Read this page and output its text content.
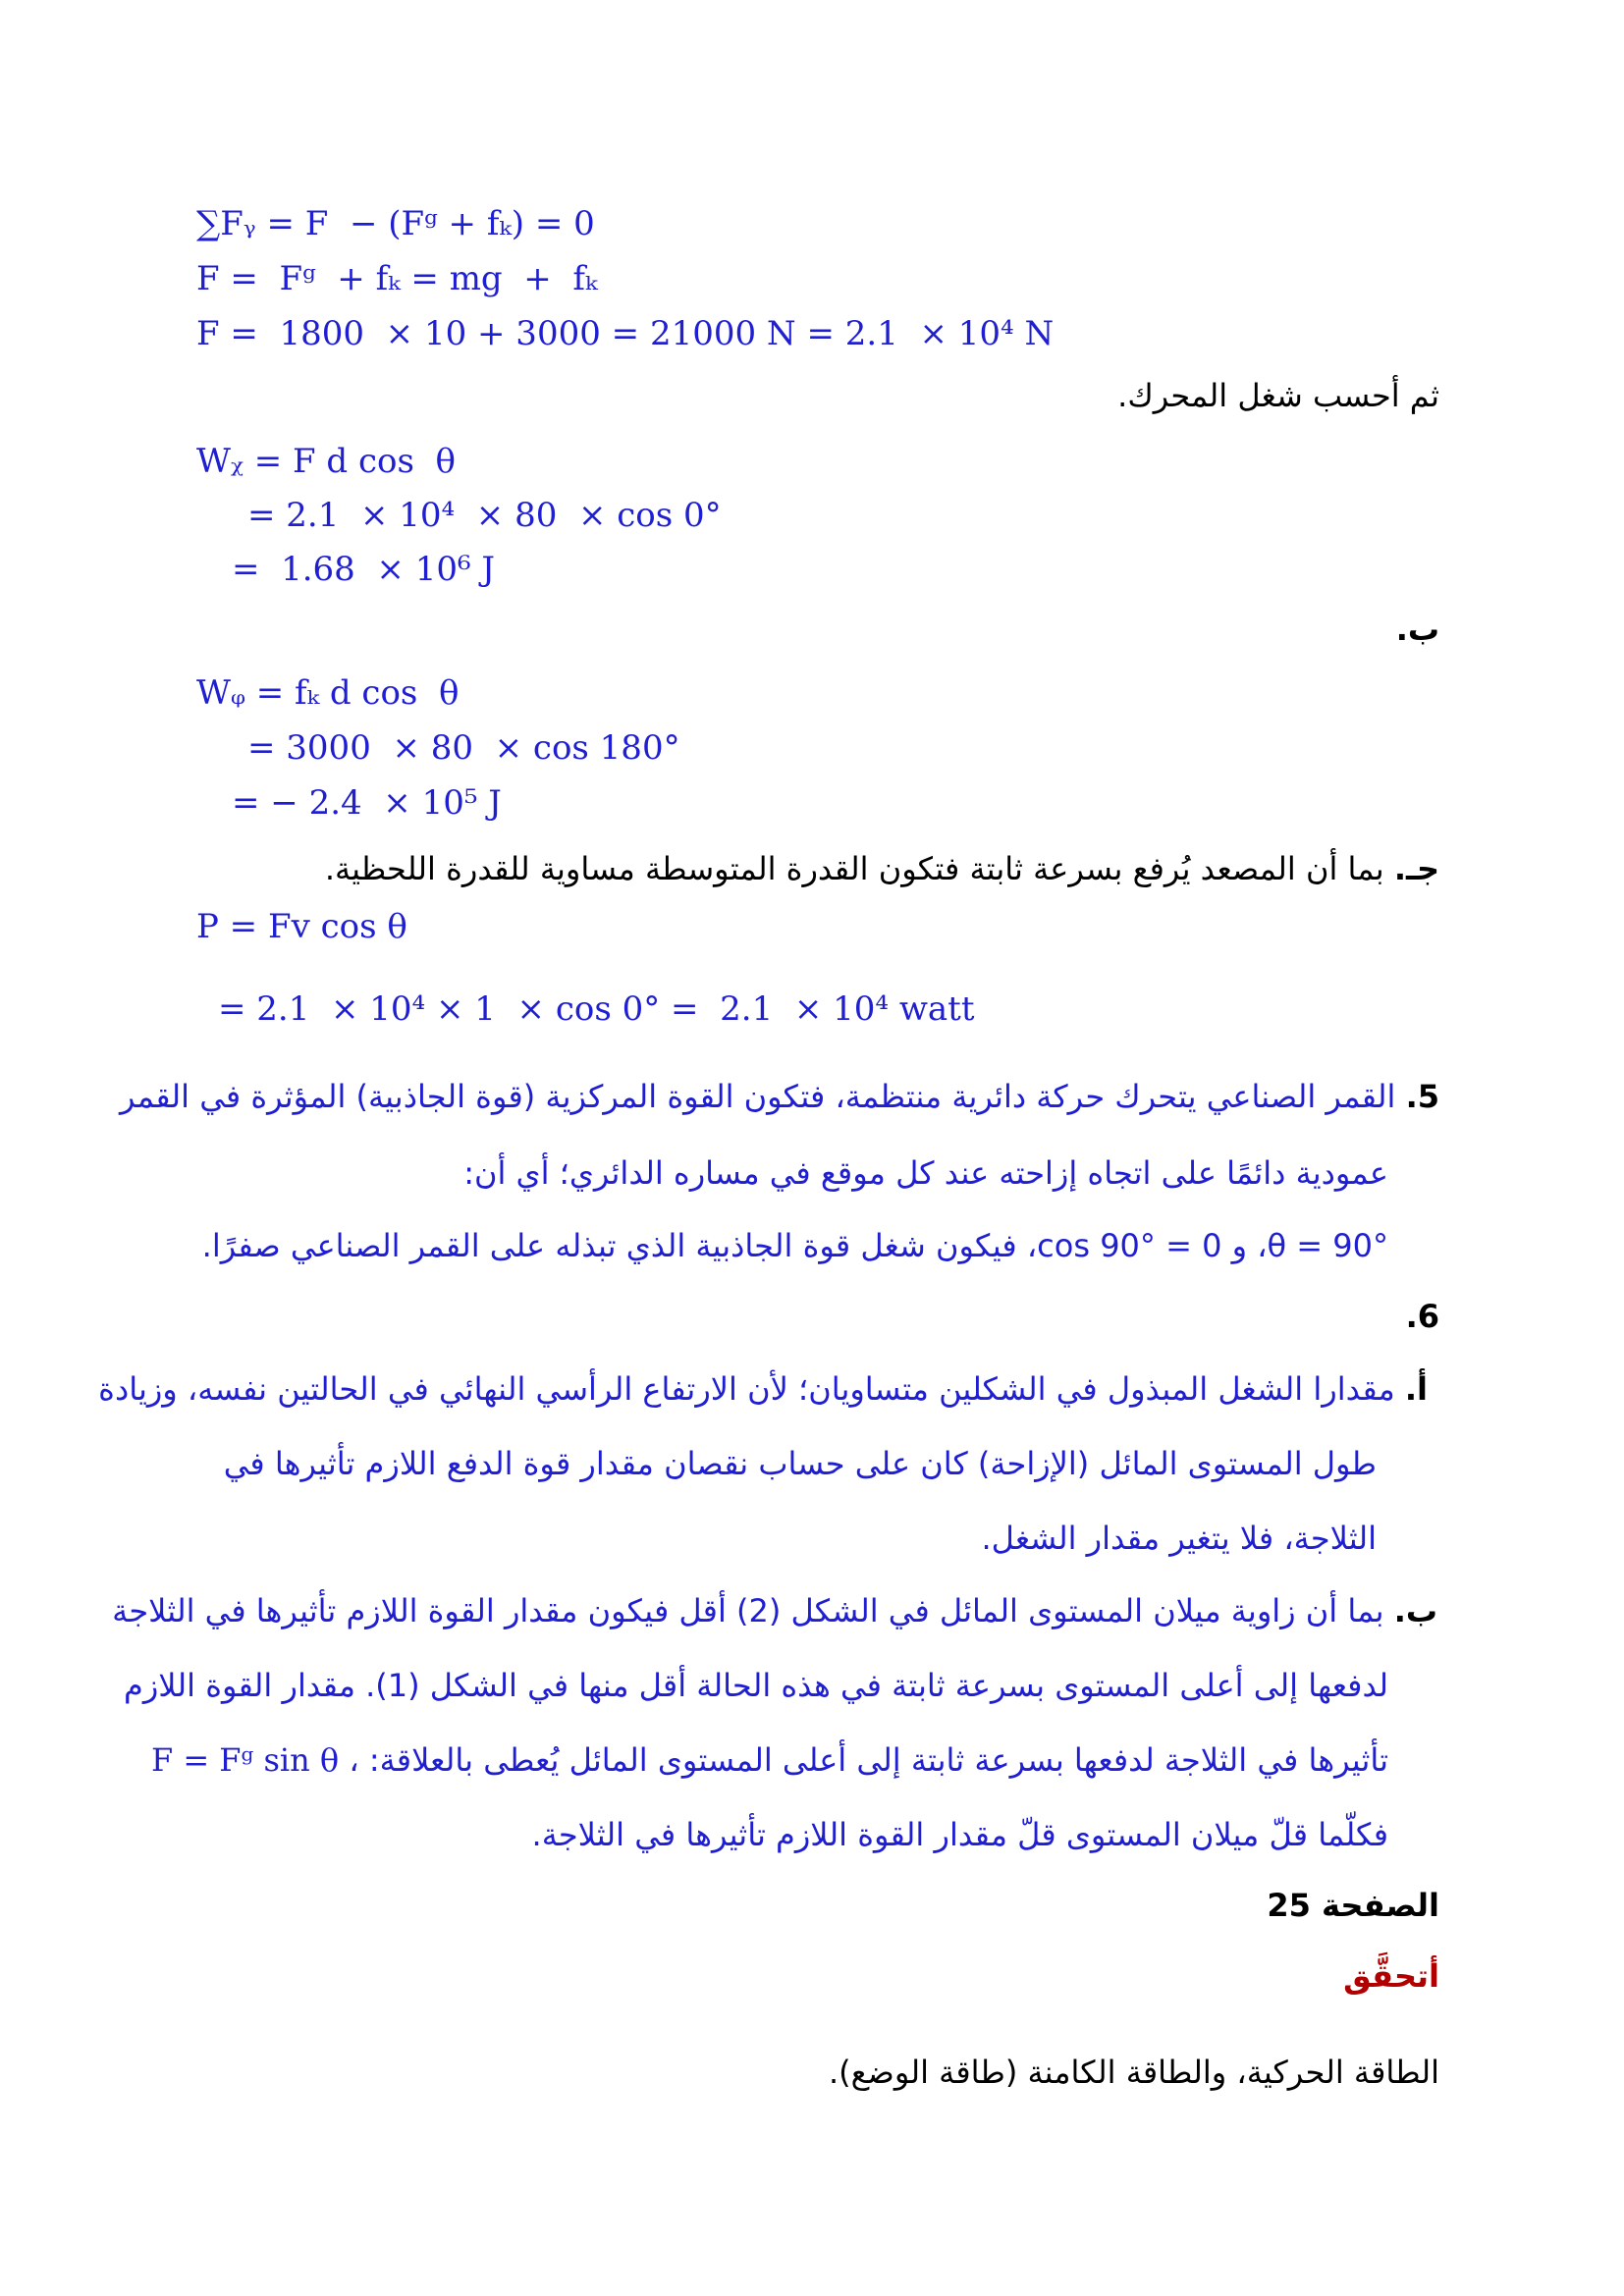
∑Fᵧ = F  − (Fᵍ + fₖ) = 0
F =  Fᵍ  + fₖ = mg  +  fₖ
F =  1800  × 10 + 3000 = 21000 N = 2.1  × 10⁴ N
ثم أحسب شغل المحرك.
Wᵪ = F d cos  θ
= 2.1  × 10⁴  × 80  × cos 0°
=  1.68  × 10⁶ J
ب.
Wᵩ = fₖ d cos  θ
= 3000  × 80  × cos 180°
= − 2.4  × 10⁵ J
جـ. بما أن المصعد يُرفع بسرعة ثابتة فتكون القدرة المتوسطة مساوية للقدرة اللحظية.
P = Fv cos θ
= 2.1  × 10⁴ × 1  × cos 0° =  2.1  × 10⁴ watt
5. القمر الصناعي يتحرك حركة دائرية منتظمة، فتكون القوة المركزية (قوة الجاذبية) المؤثرة في القمر
عمودية دائمًا على اتجاه إزاحته عند كل موقع في مساره الدائري؛ أي أن:
θ = 90°، و cos 90° = 0، فيكون شغل قوة الجاذبية الذي تبذله على القمر الصناعي صفرًا.
6.
أ. مقدارا الشغل المبذول في الشكلين متساويان؛ لأن الارتفاع الرأسي النهائي في الحالتين نفسه، وزيادة
طول المستوى المائل (الإزاحة) كان على حساب نقصان مقدار قوة الدفع اللازم تأثيرها في
الثلاجة، فلا يتغير مقدار الشغل.
ب. بما أن زاوية ميلان المستوى المائل في الشكل (2) أقل فيكون مقدار القوة اللازم تأثيرها في الثلاجة
لدفعها إلى أعلى المستوى بسرعة ثابتة في هذه الحالة أقل منها في الشكل (1). مقدار القوة اللازم
تأثيرها في الثلاجة لدفعها بسرعة ثابتة إلى أعلى المستوى المائل يُعطى بالعلاقة: F = Fᵍ sin θ ،
فكلّما قلّ ميلان المستوى قلّ مقدار القوة اللازم تأثيرها في الثلاجة.
الصفحة 25
أتحقَّق
الطاقة الحركية، والطاقة الكامنة (طاقة الوضع).
